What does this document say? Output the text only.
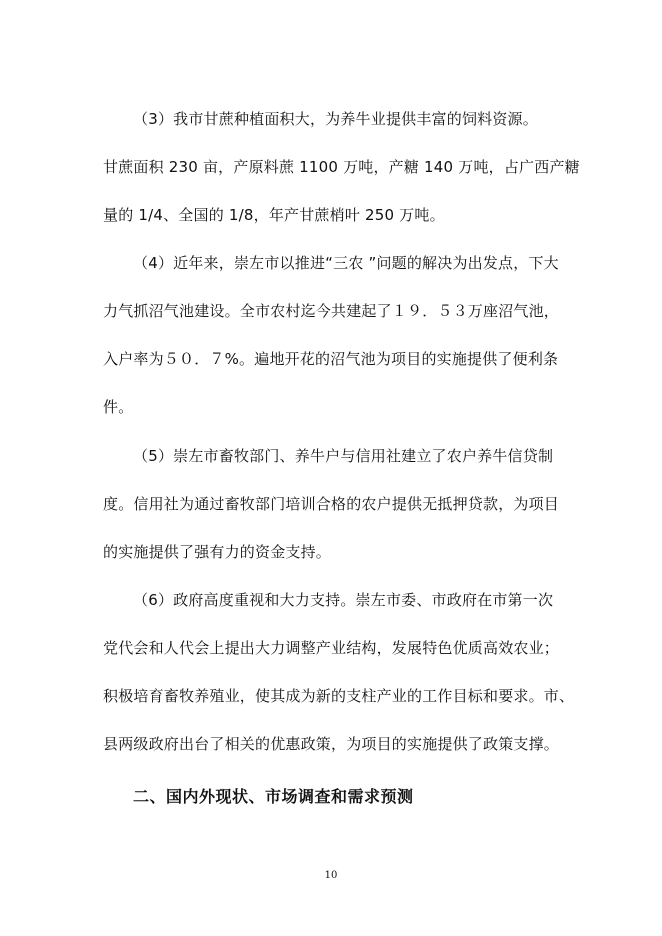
（3）我市甘蔗种植面积大，为养牛业提供丰富的饲料资源。
甘蔗面积 230 亩，产原料蔗 1100 万吨，产糖 140 万吨，占广西产糖
量的 1/4、全国的 1/8，年产甘蔗梢叶 250 万吨。
（4）近年来，崇左市以推进“三农 ”问题的解决为出发点，下大
力气抓沼气池建设。全市农村迄今共建起了１９．５３万座沼气池，
入户率为５０．７%。遍地开花的沼气池为项目的实施提供了便利条
件。
（5）崇左市畜牧部门、养牛户与信用社建立了农户养牛信贷制
度。信用社为通过畜牧部门培训合格的农户提供无抵押贷款，为项目
的实施提供了强有力的资金支持。
（6）政府高度重视和大力支持。崇左市委、市政府在市第一次
党代会和人代会上提出大力调整产业结构，发展特色优质高效农业；
积极培育畜牧养殖业，使其成为新的支柱产业的工作目标和要求。市、
县两级政府出台了相关的优惠政策，为项目的实施提供了政策支撑。
二、国内外现状、市场调查和需求预测
10
